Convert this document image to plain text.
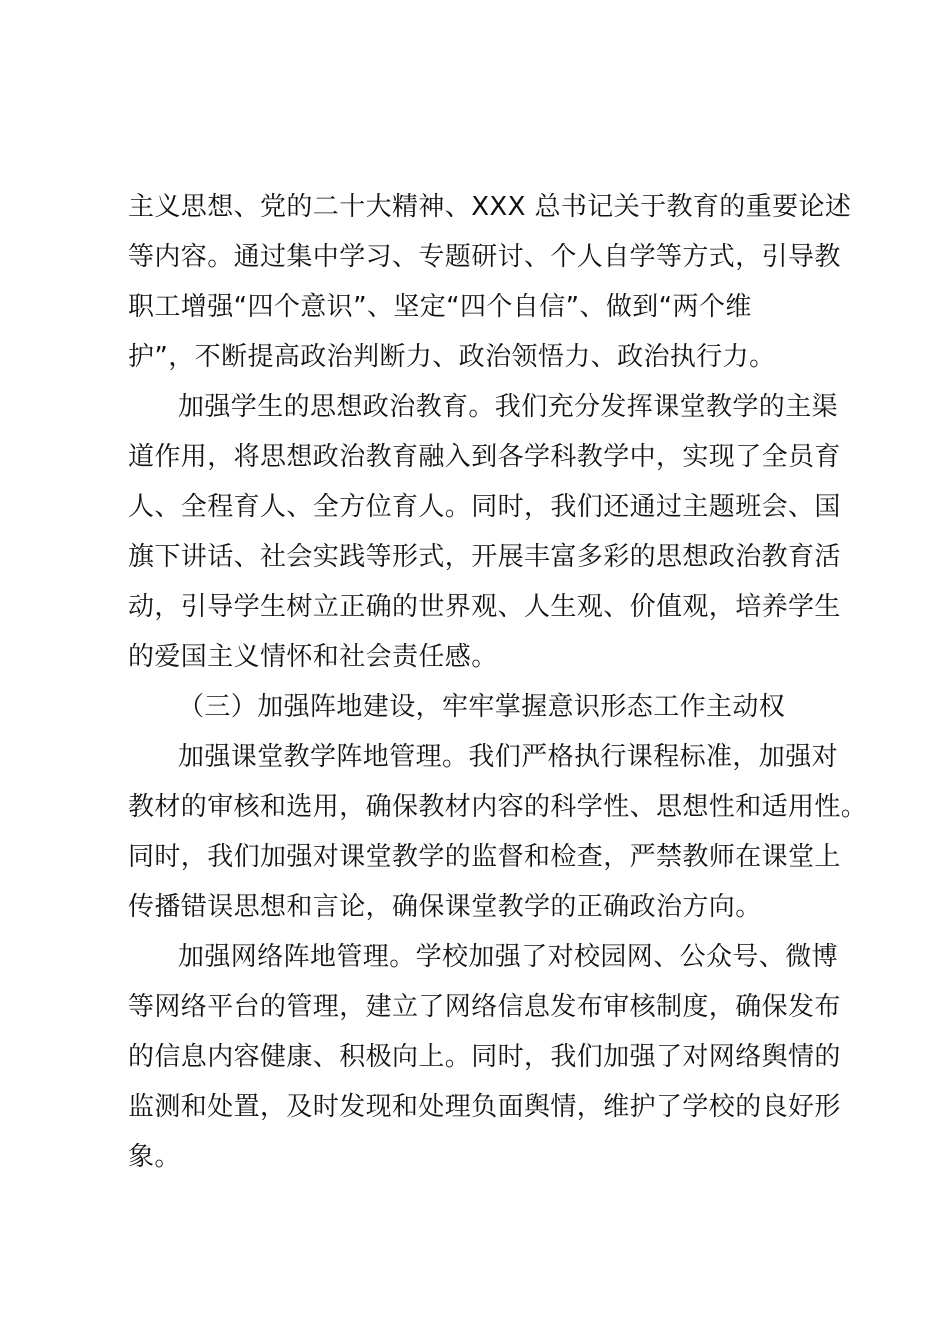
主义思想、党的二十大精神、XXX 总书记关于教育的重要论述
等内容。通过集中学习、专题研讨、个人自学等方式，引导教
职工增强“四个意识”、坚定“四个自信”、做到“两个维
护”，不断提高政治判断力、政治领悟力、政治执行力。
加强学生的思想政治教育。我们充分发挥课堂教学的主渠
道作用，将思想政治教育融入到各学科教学中，实现了全员育
人、全程育人、全方位育人。同时，我们还通过主题班会、国
旗下讲话、社会实践等形式，开展丰富多彩的思想政治教育活
动，引导学生树立正确的世界观、人生观、价值观，培养学生
的爱国主义情怀和社会责任感。
（三）加强阵地建设，牢牢掌握意识形态工作主动权
加强课堂教学阵地管理。我们严格执行课程标准，加强对
教材的审核和选用，确保教材内容的科学性、思想性和适用性。
同时，我们加强对课堂教学的监督和检查，严禁教师在课堂上
传播错误思想和言论，确保课堂教学的正确政治方向。
加强网络阵地管理。学校加强了对校园网、公众号、微博
等网络平台的管理，建立了网络信息发布审核制度，确保发布
的信息内容健康、积极向上。同时，我们加强了对网络舆情的
监测和处置，及时发现和处理负面舆情，维护了学校的良好形
象。
